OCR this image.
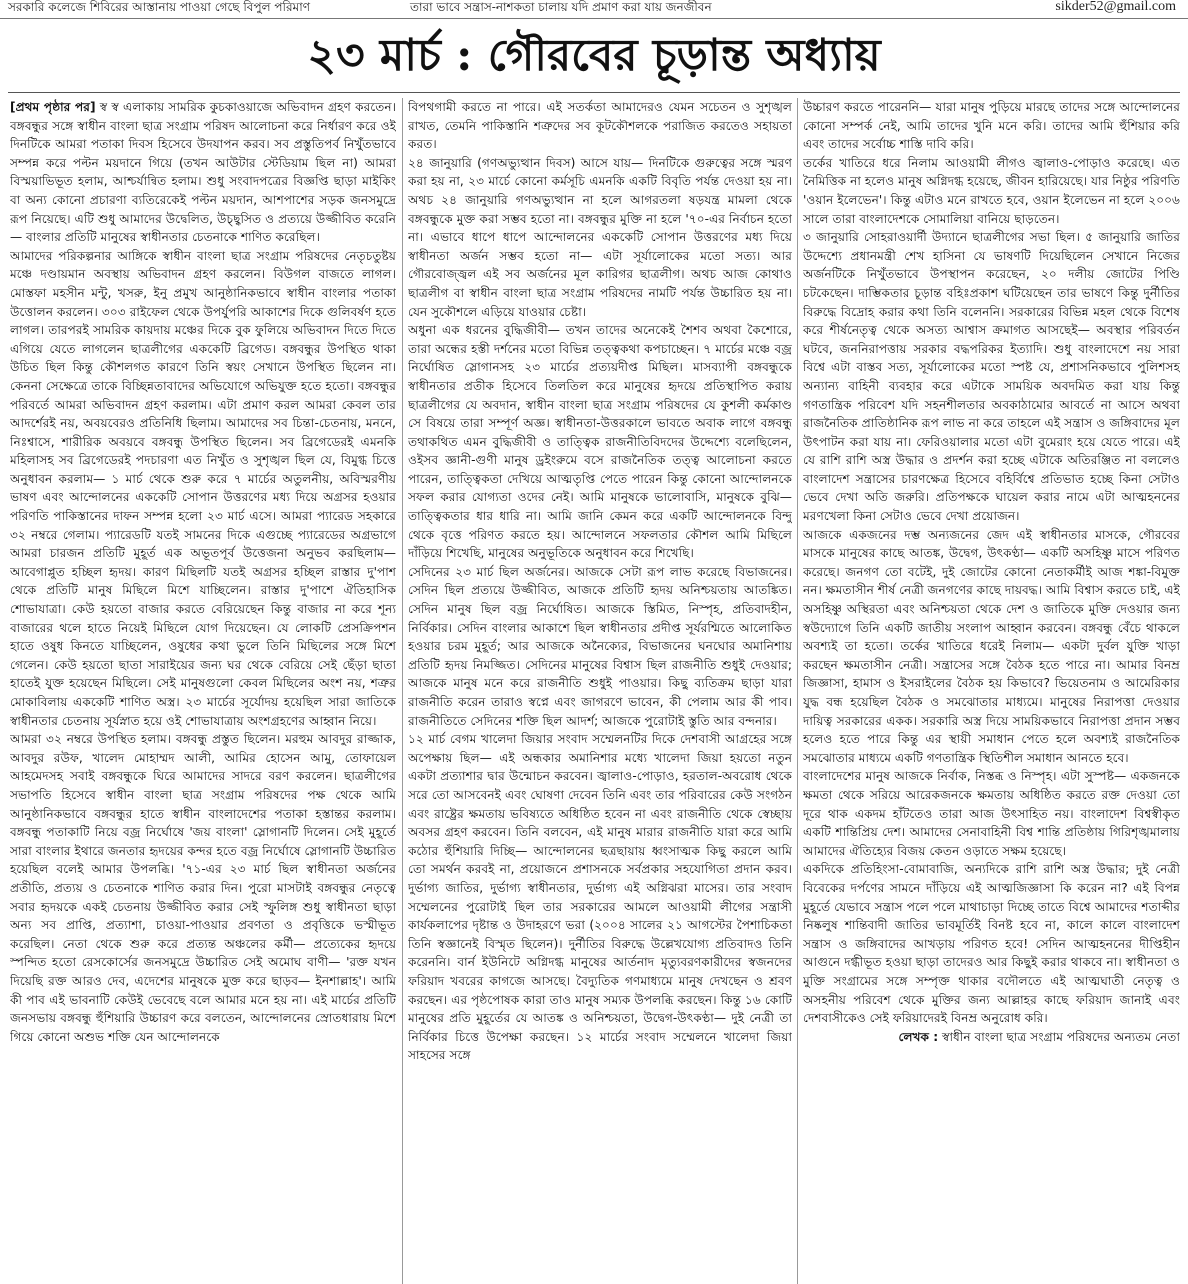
সরকারি কলেজে শিবিরের আস্তানায় পাওয়া গেছে বিপুল পরিমাণ	তারা ভাবে সন্ত্রাস-নাশকতা চালায় যদি প্রমাণ করা যায় জনজীবন	sikder52@gmail.com
২৩ মার্চ : গৌরবের চূড়ান্ত অধ্যায়

[প্রথম পৃষ্ঠার পর] স্ব স্ব এলাকায় সামরিক কুচকাওয়াজে অভিবাদন গ্রহণ করতেন। বঙ্গবন্ধুর সঙ্গে স্বাধীন বাংলা ছাত্র সংগ্রাম পরিষদ আলোচনা করে নির্ধারণ করে ওই দিনটিকে আমরা পতাকা দিবস হিসেবে উদযাপন করব। সব প্রস্তুতিপর্ব নিখুঁতভাবে সম্পন্ন করে পল্টন ময়দানে গিয়ে (তখন আউটার স্টেডিয়াম ছিল না) আমরা বিস্ময়াভিভূত হলাম, আশ্চর্যান্বিত হলাম। শুধু সংবাদপত্রের বিজ্ঞপ্তি ছাড়া মাইকিং বা অন্য কোনো প্রচারণা ব্যতিরেকেই পল্টন ময়দান, আশপাশের সড়ক জনসমুদ্রে রূপ নিয়েছে। এটি শুধু আমাদের উদ্বেলিত, উচ্ছ্বসিত ও প্রত্যয়ে উজ্জীবিত করেনি— বাংলার প্রতিটি মানুষের স্বাধীনতার চেতনাকে শাণিত করেছিল।

আমাদের পরিকল্পনার আঙ্গিকে স্বাধীন বাংলা ছাত্র সংগ্রাম পরিষদের নেতৃচতুষ্টয় মঞ্চে দণ্ডায়মান অবস্থায় অভিবাদন গ্রহণ করলেন। বিউগল বাজতে লাগল। মোস্তফা মহসীন মন্টু, খসরু, ইনু প্রমুখ আনুষ্ঠানিকভাবে স্বাধীন বাংলার পতাকা উত্তোলন করলেন। ৩০৩ রাইফেল থেকে উপর্যুপরি আকাশের দিকে গুলিবর্ষণ হতে লাগল। তারপরই সামরিক কায়দায় মঞ্চের দিকে বুক ফুলিয়ে অভিবাদন দিতে দিতে এগিয়ে যেতে লাগলেন ছাত্রলীগের এককেটি ব্রিগেড। বঙ্গবন্ধুর উপস্থিত থাকা উচিত ছিল কিন্তু কৌশলগত কারণে তিনি স্বয়ং সেখানে উপস্থিত ছিলেন না। কেননা সেক্ষেত্রে তাকে বিচ্ছিন্নতাবাদের অভিযোগে অভিযুক্ত হতে হতো। বঙ্গবন্ধুর পরিবর্তে আমরা অভিবাদন গ্রহণ করলাম। এটা প্রমাণ করল আমরা কেবল তার আদর্শেরই নয়, অবয়বেরও প্রতিনিধি ছিলাম। আমাদের সব চিন্তা-চেতনায়, মননে, নিঃশ্বাসে, শারীরিক অবয়বে বঙ্গবন্ধু উপস্থিত ছিলেন। সব ব্রিগেডেরই এমনকি মহিলাসহ সব ব্রিগেডেরই পদচারণা এত নিখুঁত ও সুশৃঙ্খল ছিল যে, বিমুগ্ধ চিত্তে অনুধাবন করলাম— ১ মার্চ থেকে শুরু করে ৭ মার্চের অতুলনীয়, অবিস্মরণীয় ভাষণ এবং আন্দোলনের এককেটি সোপান উত্তরণের মধ্য দিয়ে অগ্রসর হওয়ার পরিণতি পাকিস্তানের দাফন সম্পন্ন হলো ২৩ মার্চ এসে। আমরা প্যারেড সহকারে ৩২ নম্বরে গেলাম। প্যারেডটি যতই সামনের দিকে এগুচ্ছে প্যারেডের অগ্রভাগে আমরা চারজন প্রতিটি মুহূর্ত এক অভূতপূর্ব উত্তেজনা অনুভব করছিলাম— আবেগাপ্লুত হচ্ছিল হৃদয়। কারণ মিছিলটি যতই অগ্রসর হচ্ছিল রাস্তার দু'পাশ থেকে প্রতিটি মানুষ মিছিলে মিশে যাচ্ছিলেন। রাস্তার দু'পাশে ঐতিহাসিক শোভাযাত্রা। কেউ হয়তো বাজার করতে বেরিয়েছেন কিন্তু বাজার না করে শূন্য বাজারের থলে হাতে নিয়েই মিছিলে যোগ দিয়েছেন। যে লোকটি প্রেসক্রিপশন হাতে ওষুধ কিনতে যাচ্ছিলেন, ওষুধের কথা ভুলে তিনি মিছিলের সঙ্গে মিশে গেলেন। কেউ হয়তো ছাতা সারাইয়ের জন্য ঘর থেকে বেরিয়ে সেই ছেঁড়া ছাতা হাতেই যুক্ত হয়েছেন মিছিলে। সেই মানুষগুলো কেবল মিছিলের অংশ নয়, শত্রুর মোকাবিলায় এককেটি শাণিত অস্ত্র। ২৩ মার্চের সূর্যোদয় হয়েছিল সারা জাতিকে স্বাধীনতার চেতনায় সূর্যস্নাত হয়ে ওই শোভাযাত্রায় অংশগ্রহণের আহ্বান নিয়ে।

আমরা ৩২ নম্বরে উপস্থিত হলাম। বঙ্গবন্ধু প্রস্তুত ছিলেন। মরহুম আবদুর রাজ্জাক, আবদুর রউফ, খালেদ মোহাম্মদ আলী, আমির হোসেন আমু, তোফায়েল আহমেদসহ সবাই বঙ্গবন্ধুকে ঘিরে আমাদের সাদরে বরণ করলেন। ছাত্রলীগের সভাপতি হিসেবে স্বাধীন বাংলা ছাত্র সংগ্রাম পরিষদের পক্ষ থেকে আমি আনুষ্ঠানিকভাবে বঙ্গবন্ধুর হাতে স্বাধীন বাংলাদেশের পতাকা হস্তান্তর করলাম। বঙ্গবন্ধু পতাকাটি নিয়ে বজ্র নির্ঘোষে 'জয় বাংলা' স্লোগানটি দিলেন। সেই মুহূর্তে সারা বাংলার ইথারে জনতার হৃদয়ের কন্দর হতে বজ্র নির্ঘোষে স্লোগানটি উচ্চারিত হয়েছিল বলেই আমার উপলব্ধি। '৭১-এর ২৩ মার্চ ছিল স্বাধীনতা অর্জনের প্রতীতি, প্রত্যয় ও চেতনাকে শাণিত করার দিন। পুরো মাসটাই বঙ্গবন্ধুর নেতৃত্বে সবার হৃদয়কে একই চেতনায় উজ্জীবিত করার সেই স্ফুলিঙ্গ শুধু স্বাধীনতা ছাড়া অন্য সব প্রাপ্তি, প্রত্যাশা, চাওয়া-পাওয়ার প্রবণতা ও প্রবৃত্তিকে ভস্মীভূত করেছিল। নেতা থেকে শুরু করে প্রত্যন্ত অঞ্চলের কর্মী— প্রত্যেকের হৃদয়ে স্পন্দিত হতো রেসকোর্সের জনসমুদ্রে উচ্চারিত সেই অমোঘ বাণী— 'রক্ত যখন দিয়েছি রক্ত আরও দেব, এদেশের মানুষকে মুক্ত করে ছাড়ব— ইনশাল্লাহ'। আমি কী পাব এই ভাবনাটি কেউই ভেবেছে বলে আমার মনে হয় না। এই মার্চের প্রতিটি জনসভায় বঙ্গবন্ধু হুঁশিয়ারি উচ্চারণ করে বলতেন, আন্দোলনের স্রোতধারায় মিশে গিয়ে কোনো অশুভ শক্তি যেন আন্দোলনকে

বিপথগামী করতে না পারে। এই সতর্কতা আমাদেরও যেমন সচেতন ও সুশৃঙ্খল রাখত, তেমনি পাকিস্তানি শত্রুদের সব কূটকৌশলকে পরাজিত করতেও সহায়তা করত।

২৪ জানুয়ারি (গণঅভ্যুত্থান দিবস) আসে যায়— দিনটিকে গুরুত্বের সঙ্গে স্মরণ করা হয় না, ২৩ মার্চে কোনো কর্মসূচি এমনকি একটি বিবৃতি পর্যন্ত দেওয়া হয় না। অথচ ২৪ জানুয়ারি গণঅভ্যুত্থান না হলে আগরতলা ষড়যন্ত্র মামলা থেকে বঙ্গবন্ধুকে মুক্ত করা সম্ভব হতো না। বঙ্গবন্ধুর মুক্তি না হলে '৭০-এর নির্বাচন হতো না। এভাবে ধাপে ধাপে আন্দোলনের এককেটি সোপান উত্তরণের মধ্য দিয়ে স্বাধীনতা অর্জন সম্ভব হতো না— এটা সূর্যালোকের মতো সত্য। আর গৌরবোজ্জ্বল এই সব অর্জনের মূল কারিগর ছাত্রলীগ। অথচ আজ কোথাও ছাত্রলীগ বা স্বাধীন বাংলা ছাত্র সংগ্রাম পরিষদের নামটি পর্যন্ত উচ্চারিত হয় না। যেন সুকৌশলে এড়িয়ে যাওয়ার চেষ্টা।

অধুনা এক ধরনের বুদ্ধিজীবী— তখন তাদের অনেকেই শৈশব অথবা কৈশোরে, তারা অন্ধের হস্তী দর্শনের মতো বিভিন্ন তত্ত্বকথা কপচাচ্ছেন। ৭ মার্চের মঞ্চে বজ্র নির্ঘোষিত স্লোগানসহ ২৩ মার্চের প্রত্যয়দীপ্ত মিছিল। মাসব্যাপী বঙ্গবন্ধুকে স্বাধীনতার প্রতীক হিসেবে তিলতিল করে মানুষের হৃদয়ে প্রতিস্থাপিত করায় ছাত্রলীগের যে অবদান, স্বাধীন বাংলা ছাত্র সংগ্রাম পরিষদের যে কুশলী কর্মকাণ্ড সে বিষয়ে তারা সম্পূর্ণ অজ্ঞ। স্বাধীনতা-উত্তরকালে ভাবতে অবাক লাগে বঙ্গবন্ধু তথাকথিত এমন বুদ্ধিজীবী ও তাত্ত্বিক রাজনীতিবিদদের উদ্দেশ্যে বলেছিলেন, ওইসব জ্ঞানী-গুণী মানুষ ড্রইংরুমে বসে রাজনৈতিক তত্ত্ব আলোচনা করতে পারেন, তাত্ত্বিকতা দেখিয়ে আত্মতৃপ্তি পেতে পারেন কিন্তু কোনো আন্দোলনকে সফল করার যোগ্যতা ওদের নেই। আমি মানুষকে ভালোবাসি, মানুষকে বুঝি— তাত্ত্বিকতার ধার ধারি না। আমি জানি কেমন করে একটি আন্দোলনকে বিন্দু থেকে বৃত্তে পরিণত করতে হয়। আন্দোলনে সফলতার কৌশল আমি মিছিলে দাঁড়িয়ে শিখেছি, মানুষের অনুভূতিকে অনুধাবন করে শিখেছি।

সেদিনের ২৩ মার্চ ছিল অর্জনের। আজকে সেটা রূপ লাভ করেছে বিভাজনের। সেদিন ছিল প্রত্যয়ে উজ্জীবিত, আজকে প্রতিটি হৃদয় অনিশ্চয়তায় আতঙ্কিত। সেদিন মানুষ ছিল বজ্র নির্ঘোষিত। আজকে স্তিমিত, নিস্পৃহ, প্রতিবাদহীন, নির্বিকার। সেদিন বাংলার আকাশে ছিল স্বাধীনতার প্রদীপ্ত সূর্যরশ্মিতে আলোকিত হওয়ার চরম মুহূর্ত; আর আজকে অনৈক্যের, বিভাজনের ঘনঘোর অমানিশায় প্রতিটি হৃদয় নিমজ্জিত। সেদিনের মানুষের বিশ্বাস ছিল রাজনীতি শুধুই দেওয়ার; আজকে মানুষ মনে করে রাজনীতি শুধুই পাওয়ার। কিছু ব্যতিক্রম ছাড়া যারা রাজনীতি করেন তারাও স্বপ্নে এবং জাগরণে ভাবেন, কী পেলাম আর কী পাব। রাজনীতিতে সেদিনের শক্তি ছিল আদর্শ; আজকে পুরোটাই স্তুতি আর বন্দনার।

১২ মার্চ বেগম খালেদা জিয়ার সংবাদ সম্মেলনটির দিকে দেশবাসী আগ্রহের সঙ্গে অপেক্ষায় ছিল— এই অন্ধকার অমানিশার মধ্যে খালেদা জিয়া হয়তো নতুন একটা প্রত্যাশার দ্বার উন্মোচন করবেন। জ্বালাও-পোড়াও, হরতাল-অবরোধ থেকে সরে তো আসবেনই এবং ঘোষণা দেবেন তিনি এবং তার পরিবারের কেউ সংগঠন এবং রাষ্ট্রের ক্ষমতায় ভবিষ্যতে অধিষ্ঠিত হবেন না এবং রাজনীতি থেকে স্বেচ্ছায় অবসর গ্রহণ করবেন। তিনি বলবেন, এই মানুষ মারার রাজনীতি যারা করে আমি কঠোর হুঁশিয়ারি দিচ্ছি— আন্দোলনের ছত্রছায়ায় ধ্বংসাত্মক কিছু করলে আমি তো সমর্থন করবই না, প্রয়োজনে প্রশাসনকে সর্বপ্রকার সহযোগিতা প্রদান করব। দুর্ভাগ্য জাতির, দুর্ভাগ্য স্বাধীনতার, দুর্ভাগ্য এই অগ্নিঝরা মাসের। তার সংবাদ সম্মেলনের পুরোটাই ছিল তার সরকারের আমলে আওয়ামী লীগের সন্ত্রাসী কার্যকলাপের দৃষ্টান্ত ও উদাহরণে ভরা (২০০৪ সালের ২১ আগস্টের পৈশাচিকতা তিনি স্বজ্ঞানেই বিস্মৃত ছিলেন)। দুর্নীতির বিরুদ্ধে উল্লেখযোগ্য প্রতিবাদও তিনি করেননি। বার্ন ইউনিটে অগ্নিদগ্ধ মানুষের আর্তনাদ মৃত্যুবরণকারীদের স্বজনদের ফরিয়াদ খবরের কাগজে আসছে। বৈদ্যুতিক গণমাধ্যমে মানুষ দেখছেন ও শ্রবণ করছেন। এর পৃষ্ঠপোষক কারা তাও মানুষ সম্যক উপলব্ধি করছেন। কিন্তু ১৬ কোটি মানুষের প্রতি মুহূর্তের যে আতঙ্ক ও অনিশ্চয়তা, উদ্বেগ-উৎকণ্ঠা— দুই নেত্রী তা নির্বিকার চিত্তে উপেক্ষা করছেন। ১২ মার্চের সংবাদ সম্মেলনে খালেদা জিয়া সাহসের সঙ্গে

উচ্চারণ করতে পারেননি— যারা মানুষ পুড়িয়ে মারছে তাদের সঙ্গে আন্দোলনের কোনো সম্পর্ক নেই, আমি তাদের খুনি মনে করি। তাদের আমি হুঁশিয়ার করি এবং তাদের সর্বোচ্চ শাস্তি দাবি করি।

তর্কের খাতিরে ধরে নিলাম আওয়ামী লীগও জ্বালাও-পোড়াও করেছে। এত নৈমিত্তিক না হলেও মানুষ অগ্নিদগ্ধ হয়েছে, জীবন হারিয়েছে। যার নিষ্ঠুর পরিণতি 'ওয়ান ইলেভেন'। কিন্তু এটাও মনে রাখতে হবে, ওয়ান ইলেভেন না হলে ২০০৬ সালে তারা বাংলাদেশকে সোমালিয়া বানিয়ে ছাড়তেন।

৩ জানুয়ারি সোহরাওয়ার্দী উদ্যানে ছাত্রলীগের সভা ছিল। ৫ জানুয়ারি জাতির উদ্দেশ্যে প্রধানমন্ত্রী শেখ হাসিনা যে ভাষণটি দিয়েছিলেন সেখানে নিজের অর্জনটিকে নিখুঁতভাবে উপস্থাপন করেছেন, ২০ দলীয় জোটের পিণ্ডি চটকেছেন। দাম্ভিকতার চূড়ান্ত বহিঃপ্রকাশ ঘটিয়েছেন তার ভাষণে কিন্তু দুর্নীতির বিরুদ্ধে বিদ্রোহ করার কথা তিনি বলেননি। সরকারের বিভিন্ন মহল থেকে বিশেষ করে শীর্ষনেতৃত্ব থেকে অসত্য আশ্বাস ক্রমাগত আসছেই— অবস্থার পরিবর্তন ঘটবে, জননিরাপত্তায় সরকার বদ্ধপরিকর ইত্যাদি। শুধু বাংলাদেশে নয় সারা বিশ্বে এটা বাস্তব সত্য, সূর্যালোকের মতো স্পষ্ট যে, প্রশাসনিকভাবে পুলিশসহ অন্যান্য বাহিনী ব্যবহার করে এটাকে সাময়িক অবদমিত করা যায় কিন্তু গণতান্ত্রিক পরিবেশ যদি সহনশীলতার অবকাঠামোর আবর্তে না আসে অথবা রাজনৈতিক প্রাতিষ্ঠানিক রূপ লাভ না করে তাহলে এই সন্ত্রাস ও জঙ্গিবাদের মূল উৎপাটন করা যায় না। ফেরিওয়ালার মতো এটা বুমেরাং হয়ে যেতে পারে। এই যে রাশি রাশি অস্ত্র উদ্ধার ও প্রদর্শন করা হচ্ছে এটাকে অতিরঞ্জিত না বললেও বাংলাদেশ সন্ত্রাসের চারণক্ষেত্র হিসেবে বহির্বিশ্বে প্রতিভাত হচ্ছে কিনা সেটাও ভেবে দেখা অতি জরুরি। প্রতিপক্ষকে ঘায়েল করার নামে এটা আত্মহননের মরণখেলা কিনা সেটাও ভেবে দেখা প্রয়োজন।

আজকে একজনের দম্ভ অন্যজনের জেদ এই স্বাধীনতার মাসকে, গৌরবের মাসকে মানুষের কাছে আতঙ্ক, উদ্বেগ, উৎকণ্ঠা— একটি অসহিষ্ণু মাসে পরিণত করেছে। জনগণ তো বটেই, দুই জোটের কোনো নেতাকর্মীই আজ শঙ্কা-বিমুক্ত নন। ক্ষমতাসীন শীর্ষ নেত্রী জনগণের কাছে দায়বদ্ধ। আমি বিশ্বাস করতে চাই, এই অসহিষ্ণু অস্থিরতা এবং অনিশ্চয়তা থেকে দেশ ও জাতিকে মুক্তি দেওয়ার জন্য স্বউদ্যোগে তিনি একটি জাতীয় সংলাপ আহ্বান করবেন। বঙ্গবন্ধু বেঁচে থাকলে অবশ্যই তা হতো। তর্কের খাতিরে ধরেই নিলাম— একটা দুর্বল যুক্তি খাড়া করছেন ক্ষমতাসীন নেত্রী। সন্ত্রাসের সঙ্গে বৈঠক হতে পারে না। আমার বিনম্র জিজ্ঞাসা, হামাস ও ইসরাইলের বৈঠক হয় কিভাবে? ভিয়েতনাম ও আমেরিকার যুদ্ধ বন্ধ হয়েছিল বৈঠক ও সমঝোতার মাধ্যমে। মানুষের নিরাপত্তা দেওয়ার দায়িত্ব সরকারের একক। সরকারি অস্ত্র দিয়ে সাময়িকভাবে নিরাপত্তা প্রদান সম্ভব হলেও হতে পারে কিন্তু এর স্থায়ী সমাধান পেতে হলে অবশ্যই রাজনৈতিক সমঝোতার মাধ্যমে একটি গণতান্ত্রিক স্থিতিশীল সমাধান আনতে হবে।

বাংলাদেশের মানুষ আজকে নির্বাক, নিস্তব্ধ ও নিস্পৃহ। এটা সুস্পষ্ট— একজনকে ক্ষমতা থেকে সরিয়ে আরেকজনকে ক্ষমতায় অধিষ্ঠিত করতে রক্ত দেওয়া তো দূরে থাক একদম হাঁটতেও তারা আজ উৎসাহিত নয়। বাংলাদেশ বিশ্বস্বীকৃত একটি শান্তিপ্রিয় দেশ। আমাদের সেনাবাহিনী বিশ্ব শান্তি প্রতিষ্ঠায় গিরিশৃঙ্খমালায় আমাদের ঐতিহ্যের বিজয় কেতন ওড়াতে সক্ষম হয়েছে।

একদিকে প্রতিহিংসা-বোমাবাজি, অন্যদিকে রাশি রাশি অস্ত্র উদ্ধার; দুই নেত্রী বিবেকের দর্পণের সামনে দাঁড়িয়ে এই আত্মজিজ্ঞাসা কি করেন না? এই বিপন্ন মুহূর্তে যেভাবে সন্ত্রাস পলে পলে মাথাচাড়া দিচ্ছে তাতে বিশ্বে আমাদের শতাব্দীর নিষ্কলুষ শান্তিবাদী জাতির ভাবমূর্তিই বিনষ্ট হবে না, কালে কালে বাংলাদেশ সন্ত্রাস ও জঙ্গিবাদের আখড়ায় পরিণত হবে! সেদিন আত্মহননের দীপ্তিহীন আগুনে দগ্ধীভূত হওয়া ছাড়া তাদেরও আর কিছুই করার থাকবে না। স্বাধীনতা ও মুক্তি সংগ্রামের সঙ্গে সম্পৃক্ত থাকার বদৌলতে এই আত্মঘাতী নেতৃত্ব ও অসহনীয় পরিবেশ থেকে মুক্তির জন্য আল্লাহর কাছে ফরিয়াদ জানাই এবং দেশবাসীকেও সেই ফরিয়াদেরই বিনম্র অনুরোধ করি।

লেখক : স্বাধীন বাংলা ছাত্র সংগ্রাম পরিষদের অন্যতম নেতা
